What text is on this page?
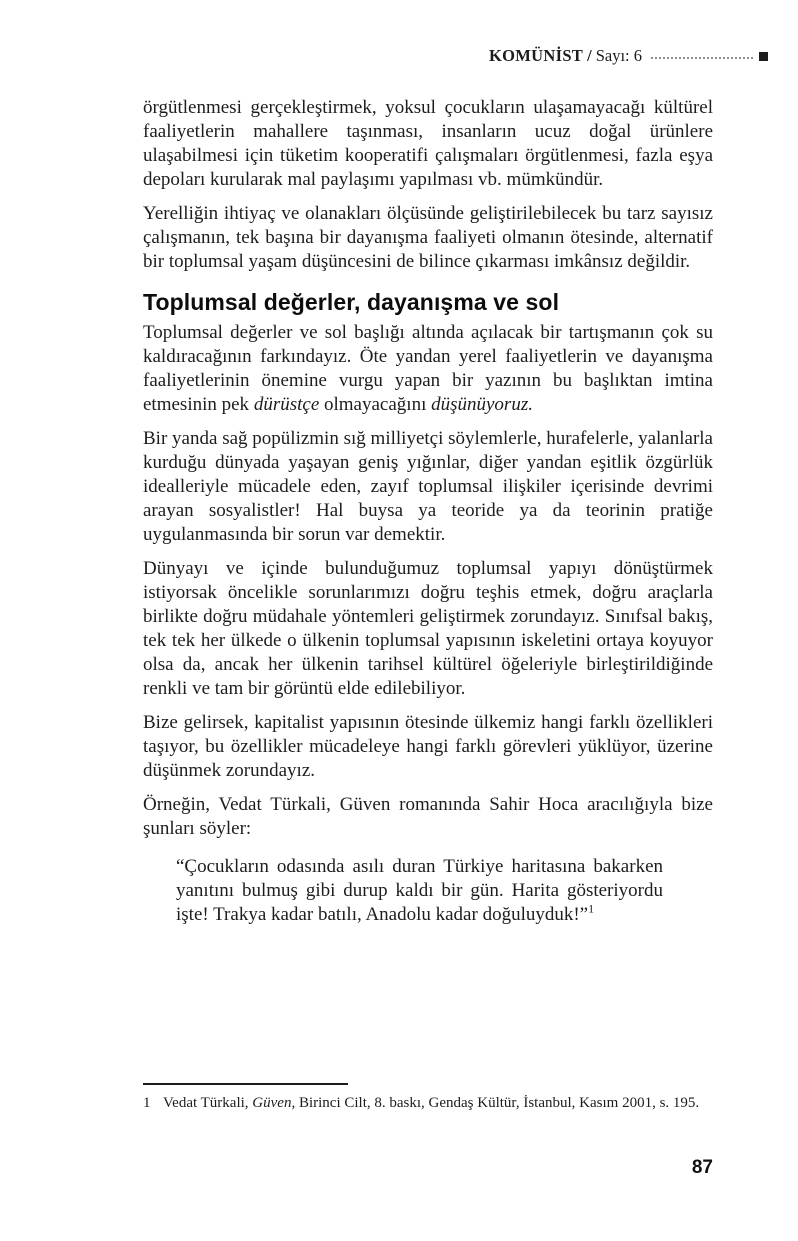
KOMÜNİST / Sayı: 6

örgütlenmesi gerçekleştirmek, yoksul çocukların ulaşamayacağı kültürel faaliyetlerin mahallere taşınması, insanların ucuz doğal ürünlere ulaşabilmesi için tüketim kooperatifi çalışmaları örgütlenmesi, fazla eşya depoları kurularak mal paylaşımı yapılması vb. mümkündür.

Yerelliğin ihtiyaç ve olanakları ölçüsünde geliştirilebilecek bu tarz sayısız çalışmanın, tek başına bir dayanışma faaliyeti olmanın ötesinde, alternatif bir toplumsal yaşam düşüncesini de bilince çıkarması imkânsız değildir.

Toplumsal değerler, dayanışma ve sol

Toplumsal değerler ve sol başlığı altında açılacak bir tartışmanın çok su kaldıracağının farkındayız. Öte yandan yerel faaliyetlerin ve dayanışma faaliyetlerinin önemine vurgu yapan bir yazının bu başlıktan imtina etmesinin pek dürüstçe olmayacağını düşünüyoruz.

Bir yanda sağ popülizmin sığ milliyetçi söylemlerle, hurafelerle, yalanlarla kurduğu dünyada yaşayan geniş yığınlar, diğer yandan eşitlik özgürlük idealleriyle mücadele eden, zayıf toplumsal ilişkiler içerisinde devrimi arayan sosyalistler! Hal buysa ya teoride ya da teorinin pratiğe uygulanmasında bir sorun var demektir.

Dünyayı ve içinde bulunduğumuz toplumsal yapıyı dönüştürmek istiyorsak öncelikle sorunlarımızı doğru teşhis etmek, doğru araçlarla birlikte doğru müdahale yöntemleri geliştirmek zorundayız. Sınıfsal bakış, tek tek her ülkede o ülkenin toplumsal yapısının iskeletini ortaya koyuyor olsa da, ancak her ülkenin tarihsel kültürel öğeleriyle birleştirildiğinde renkli ve tam bir görüntü elde edilebiliyor.

Bize gelirsek, kapitalist yapısının ötesinde ülkemiz hangi farklı özellikleri taşıyor, bu özellikler mücadeleye hangi farklı görevleri yüklüyor, üzerine düşünmek zorundayız.

Örneğin, Vedat Türkali, Güven romanında Sahir Hoca aracılığıyla bize şunları söyler:

“Çocukların odasında asılı duran Türkiye haritasına bakarken yanıtını bulmuş gibi durup kaldı bir gün. Harita gösteriyordu işte! Trakya kadar batılı, Anadolu kadar doğuluyduk!”$^1$
1 Vedat Türkali, Güven, Birinci Cilt, 8. baskı, Gendaş Kültür, İstanbul, Kasım 2001, s. 195.
87
